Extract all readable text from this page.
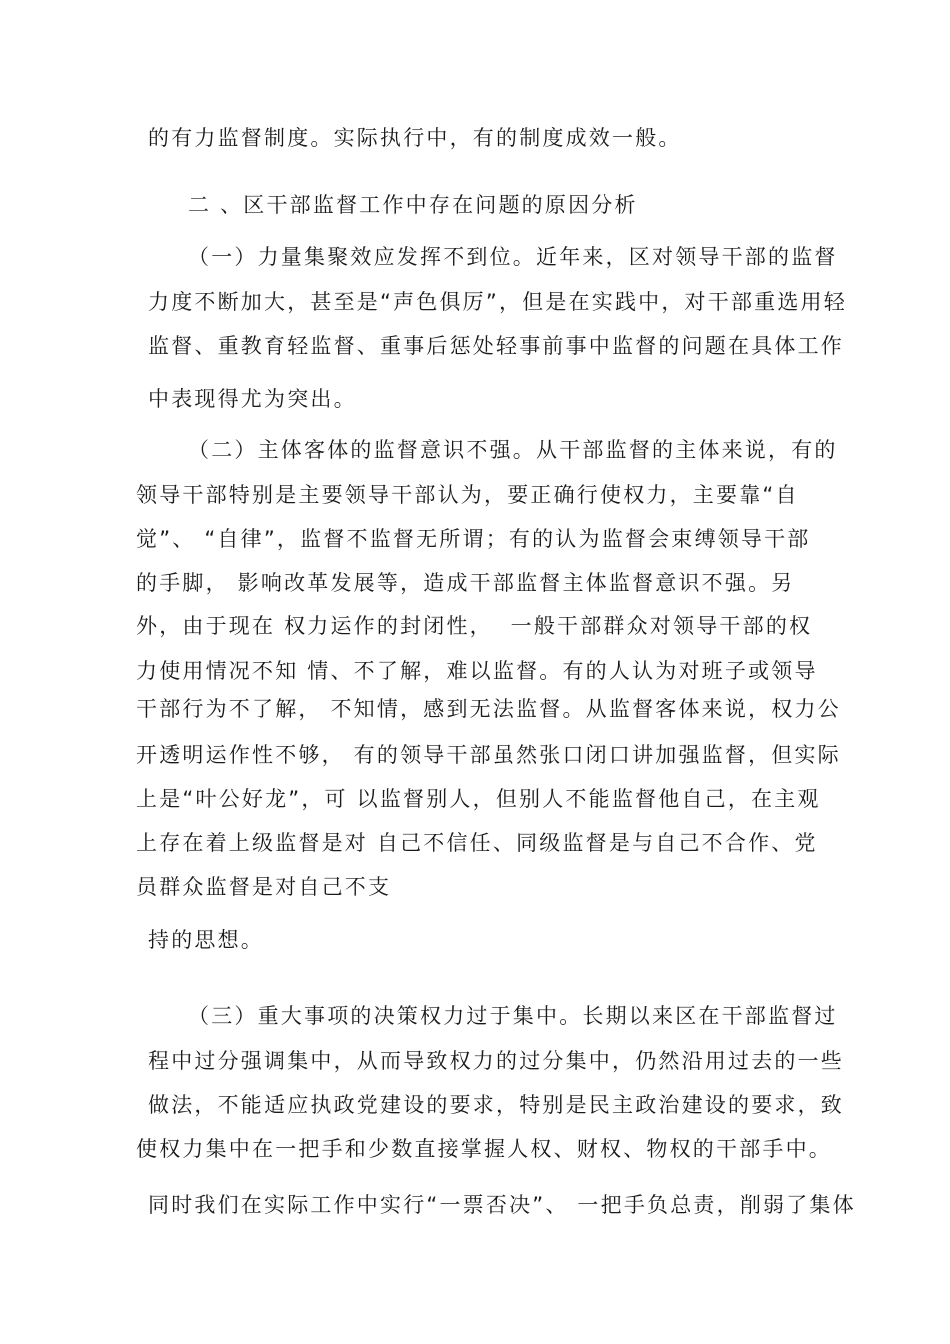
的有力监督制度。实际执行中，有的制度成效一般。
二 、区干部监督工作中存在问题的原因分析
（一）力量集聚效应发挥不到位。近年来，区对领导干部的监督
力度不断加大，甚至是“声色俱厉”，但是在实践中，对干部重选用轻
监督、重教育轻监督、重事后惩处轻事前事中监督的问题在具体工作
中表现得尤为突出。
（二）主体客体的监督意识不强。从干部监督的主体来说，有的
领导干部特别是主要领导干部认为，要正确行使权力，主要靠“自
觉”、 “自律”，监督不监督无所谓；有的认为监督会束缚领导干部
的手脚， 影响改革发展等，造成干部监督主体监督意识不强。另
外，由于现在 权力运作的封闭性，  一般干部群众对领导干部的权
力使用情况不知 情、不了解，难以监督。有的人认为对班子或领导
干部行为不了解， 不知情，感到无法监督。从监督客体来说，权力公
开透明运作性不够， 有的领导干部虽然张口闭口讲加强监督，但实际
上是“叶公好龙”，可 以监督别人，但别人不能监督他自己，在主观
上存在着上级监督是对 自己不信任、同级监督是与自己不合作、党
员群众监督是对自己不支
持的思想。
（三）重大事项的决策权力过于集中。长期以来区在干部监督过
程中过分强调集中，从而导致权力的过分集中，仍然沿用过去的一些
做法，不能适应执政党建设的要求，特别是民主政治建设的要求，致
使权力集中在一把手和少数直接掌握人权、财权、物权的干部手中。
同时我们在实际工作中实行“一票否决”、 一把手负总责，削弱了集体
